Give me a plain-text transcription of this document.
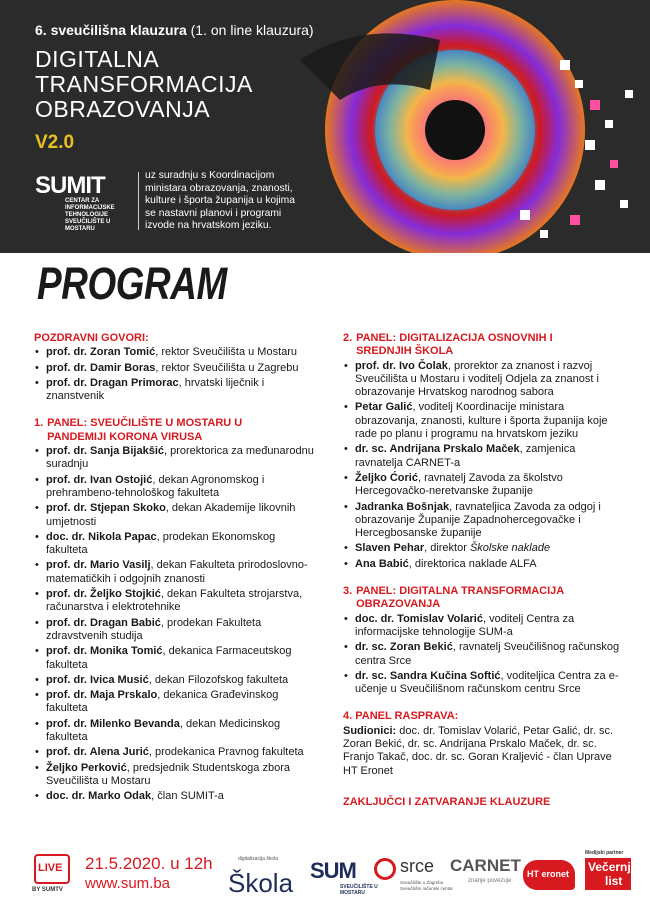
6. sveučilišna klauzura (1. on line klauzura)
DIGITALNA
TRANSFORMACIJA
OBRAZOVANJA
V2.0
SUMIT
CENTAR ZA INFORMACIJSKE TEHNOLOGIJE SVEUČILIŠTE U MOSTARU
uz suradnju s Koordinacijom ministara obrazovanja, znanosti, kulture i športa županija u kojima se nastavni planovi i programi izvode na hrvatskom jeziku.
PROGRAM
POZDRAVNI GOVORI:
• prof. dr. Zoran Tomić, rektor Sveučilišta u Mostaru
• prof. dr. Damir Boras, rektor Sveučilišta u Zagrebu
• prof. dr. Dragan Primorac, hrvatski liječnik i znanstvenik
1. PANEL: SVEUČILIŠTE U MOSTARU U PANDEMIJI KORONA VIRUSA
• prof. dr. Sanja Bijakšić, prorektorica za međunarodnu suradnju
• prof. dr. Ivan Ostojić, dekan Agronomskog i prehrambeno-tehnološkog fakulteta
• prof. dr. Stjepan Skoko, dekan Akademije likovnih umjetnosti
• doc. dr. Nikola Papac, prodekan Ekonomskog fakulteta
• prof. dr. Mario Vasilj, dekan Fakulteta prirodoslovno-matematičkih i odgojnih znanosti
• prof. dr. Željko Stojkić, dekan Fakulteta strojarstva, računarstva i elektrotehnike
• prof. dr. Dragan Babić, prodekan Fakulteta zdravstvenih studija
• prof. dr. Monika Tomić, dekanica Farmaceutskog fakulteta
• prof. dr. Ivica Musić, dekan Filozofskog fakulteta
• prof. dr. Maja Prskalo, dekanica Građevinskog fakulteta
• prof. dr. Milenko Bevanda, dekan Medicinskog fakulteta
• prof. dr. Alena Jurić, prodekanica Pravnog fakulteta
• Željko Perković, predsjednik Studentskoga zbora Sveučilišta u Mostaru
• doc. dr. Marko Odak, član SUMIT-a
2. PANEL: DIGITALIZACIJA OSNOVNIH I SREDNJIH ŠKOLA
• prof. dr. Ivo Čolak, prorektor za znanost i razvoj Sveučilišta u Mostaru i voditelj Odjela za znanost i obrazovanje Hrvatskog narodnog sabora
• Petar Galić, voditelj Koordinacije ministara obrazovanja, znanosti, kulture i športa županija koje rade po planu i programu na hrvatskom jeziku
• dr. sc. Andrijana Prskalo Maček, zamjenica ravnatelja CARNET-a
• Željko Ćorić, ravnatelj Zavoda za školstvo Hercegovačko-neretvanske županije
• Jadranka Bošnjak, ravnateljica Zavoda za odgoj i obrazovanje Županije Zapadnohercegovačke i Hercegbosanske županije
• Slaven Pehar, direktor Školske naklade
• Ana Babić, direktorica naklade ALFA
3. PANEL: DIGITALNA TRANSFORMACIJA OBRAZOVANJA
• doc. dr. Tomislav Volarić, voditelj Centra za informacijske tehnologije SUM-a
• dr. sc. Zoran Bekić, ravnatelj Sveučilišnog računskog centra Srce
• dr. sc. Sandra Kučina Softić, voditeljica Centra za e-učenje u Sveučilišnom računskom centru Srce
4. PANEL RASPRAVA:
Sudionici: doc. dr. Tomislav Volarić, Petar Galić, dr. sc. Zoran Bekić, dr. sc. Andrijana Prskalo Maček, dr. sc. Franjo Takač, doc. dr. sc. Goran Kraljević - član Uprave HT Eronet
ZAKLJUČCI I ZATVARANJE KLAUZURE
LIVE
BY SUMTV
21.5.2020. u 12h
www.sum.ba
digitalizacija škola
Škola SUM
SVEUČILIŠTE U MOSTARU
srce
Sveučilište u Zagrebu Sveučilišni računski centar
CARNET
znanje povezuje
HT eronet
Medijski partner
Večernji
list
